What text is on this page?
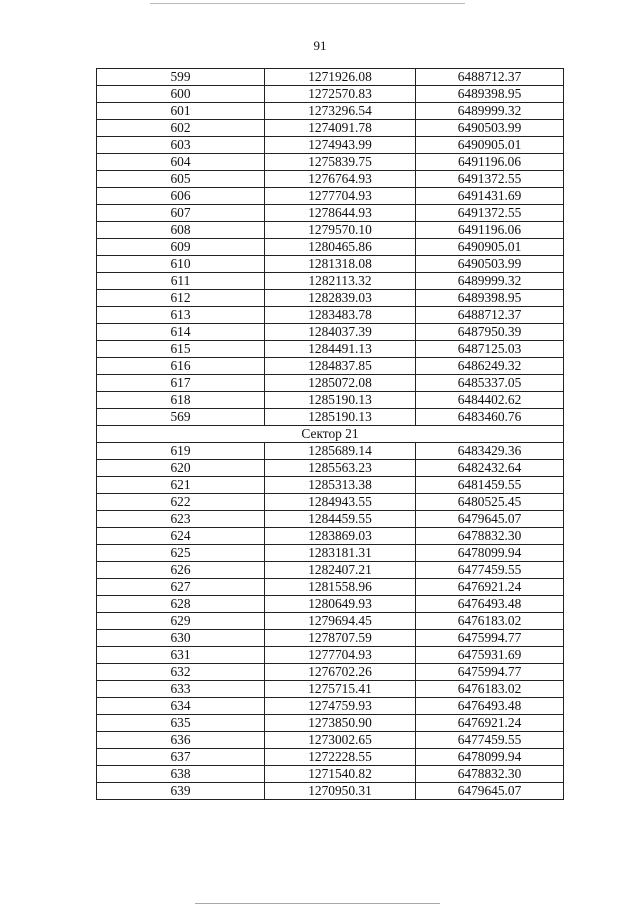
91
599	1271926.08	6488712.37
600	1272570.83	6489398.95
601	1273296.54	6489999.32
602	1274091.78	6490503.99
603	1274943.99	6490905.01
604	1275839.75	6491196.06
605	1276764.93	6491372.55
606	1277704.93	6491431.69
607	1278644.93	6491372.55
608	1279570.10	6491196.06
609	1280465.86	6490905.01
610	1281318.08	6490503.99
611	1282113.32	6489999.32
612	1282839.03	6489398.95
613	1283483.78	6488712.37
614	1284037.39	6487950.39
615	1284491.13	6487125.03
616	1284837.85	6486249.32
617	1285072.08	6485337.05
618	1285190.13	6484402.62
569	1285190.13	6483460.76
Сектор 21		
619	1285689.14	6483429.36
620	1285563.23	6482432.64
621	1285313.38	6481459.55
622	1284943.55	6480525.45
623	1284459.55	6479645.07
624	1283869.03	6478832.30
625	1283181.31	6478099.94
626	1282407.21	6477459.55
627	1281558.96	6476921.24
628	1280649.93	6476493.48
629	1279694.45	6476183.02
630	1278707.59	6475994.77
631	1277704.93	6475931.69
632	1276702.26	6475994.77
633	1275715.41	6476183.02
634	1274759.93	6476493.48
635	1273850.90	6476921.24
636	1273002.65	6477459.55
637	1272228.55	6478099.94
638	1271540.82	6478832.30
639	1270950.31	6479645.07
